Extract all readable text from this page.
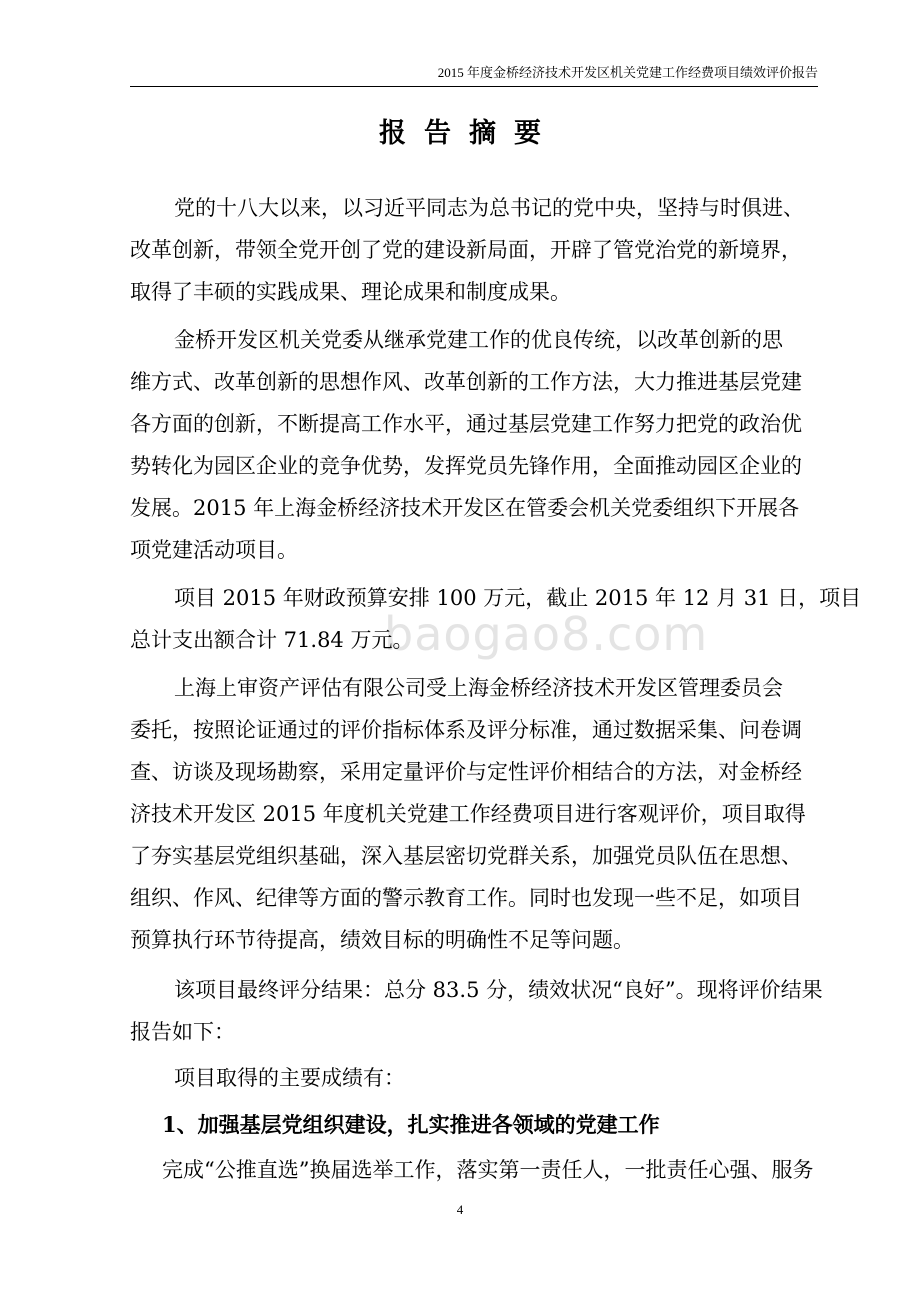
2015 年度金桥经济技术开发区机关党建工作经费项目绩效评价报告
报告摘要
baogao8.com
党的十八大以来，以习近平同志为总书记的党中央，坚持与时俱进、
改革创新，带领全党开创了党的建设新局面，开辟了管党治党的新境界，
取得了丰硕的实践成果、理论成果和制度成果。
金桥开发区机关党委从继承党建工作的优良传统，以改革创新的思
维方式、改革创新的思想作风、改革创新的工作方法，大力推进基层党建
各方面的创新，不断提高工作水平，通过基层党建工作努力把党的政治优
势转化为园区企业的竞争优势，发挥党员先锋作用，全面推动园区企业的
发展。2015 年上海金桥经济技术开发区在管委会机关党委组织下开展各
项党建活动项目。
项目 2015 年财政预算安排 100 万元，截止 2015 年 12 月 31 日，项目
总计支出额合计 71.84 万元。
上海上审资产评估有限公司受上海金桥经济技术开发区管理委员会
委托，按照论证通过的评价指标体系及评分标准，通过数据采集、问卷调
查、访谈及现场勘察，采用定量评价与定性评价相结合的方法，对金桥经
济技术开发区 2015 年度机关党建工作经费项目进行客观评价，项目取得
了夯实基层党组织基础，深入基层密切党群关系，加强党员队伍在思想、
组织、作风、纪律等方面的警示教育工作。同时也发现一些不足，如项目
预算执行环节待提高，绩效目标的明确性不足等问题。
该项目最终评分结果：总分 83.5 分，绩效状况“良好”。现将评价结果
报告如下：
项目取得的主要成绩有：
1、加强基层党组织建设，扎实推进各领域的党建工作
完成“公推直选”换届选举工作，落实第一责任人，一批责任心强、服务
4
